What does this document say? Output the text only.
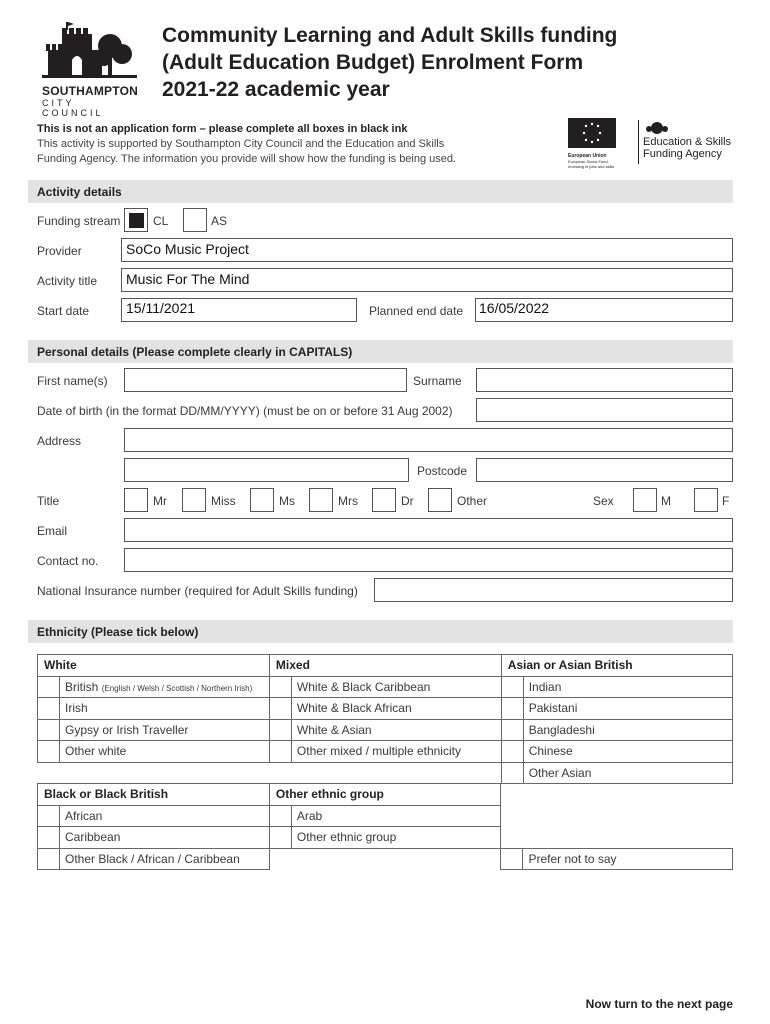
SOUTHAMPTON
CITY COUNCIL
Community Learning and Adult Skills funding
(Adult Education Budget) Enrolment Form
2021-22 academic year
This is not an application form – please complete all boxes in black ink
This activity is supported by Southampton City Council and the Education and Skills
Funding Agency. The information you provide will show how the funding is being used.	European Union
European Social Fund
Investing in jobs and skills
Education & Skills
Funding Agency
Activity details
Funding stream	CL	AS
Provider	SoCo Music Project
Activity title Music For The Mind
Start date	15/11/2021	Planned end date 16/05/2022
Personal details (Please complete clearly in CAPITALS)
First name(s)	Surname
Date of birth (in the format DD/MM/YYYY) (must be on or before 31 Aug 2002)
Address
Postcode
Title	Mr	Miss	Ms	Mrs	Dr	Other	Sex	M	F
Email
Contact no.
National Insurance number (required for Adult Skills funding)
Ethnicity (Please tick below)
White		Mixed		Asian or Asian British	
	British (English / Welsh / Scottish / Northern Irish)		White & Black Caribbean		Indian
	Irish		White & Black African		Pakistani
	Gypsy or Irish Traveller		White & Asian		Bangladeshi
	Other white		Other mixed / multiple ethnicity		Chinese
					Other Asian
Black or Black British		Other ethnic group			
	African		Arab		
	Caribbean		Other ethnic group		
	Other Black / African / Caribbean				Prefer not to say
Now turn to the next page
